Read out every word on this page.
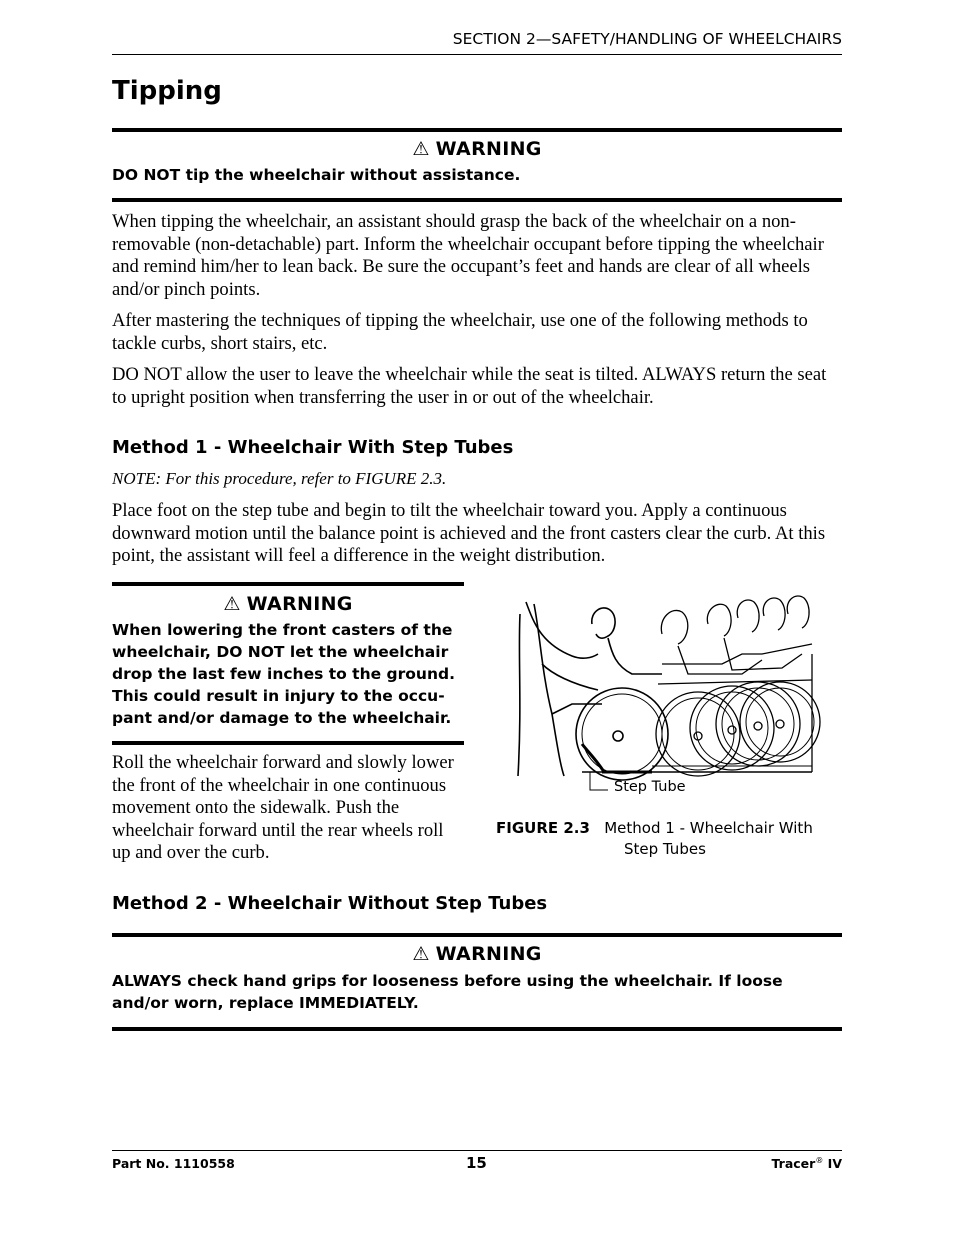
SECTION 2—SAFETY/HANDLING OF WHEELCHAIRS
Tipping
⚠ WARNING
DO NOT tip the wheelchair without assistance.
When tipping the wheelchair, an assistant should grasp the back of the wheelchair on a non-removable (non-detachable) part. Inform the wheelchair occupant before tipping the wheelchair and remind him/her to lean back. Be sure the occupant’s feet and hands are clear of all wheels and/or pinch points.
After mastering the techniques of tipping the wheelchair, use one of the following methods to tackle curbs, short stairs, etc.
DO NOT allow the user to leave the wheelchair while the seat is tilted. ALWAYS return the seat to upright position when transferring the user in or out of the wheelchair.
Method 1 - Wheelchair With Step Tubes
NOTE: For this procedure, refer to FIGURE 2.3.
Place foot on the step tube and begin to tilt the wheelchair toward you. Apply a continuous downward motion until the balance point is achieved and the front casters clear the curb. At this point, the assistant will feel a difference in the weight distribution.
⚠ WARNING
When lowering the front casters of the
wheelchair, DO NOT let the wheelchair
drop the last few inches to the ground.
This could result in injury to the occu-
pant and/or damage to the wheelchair.
Roll the wheelchair forward and slowly lower the front of the wheelchair in one continuous movement onto the sidewalk. Push the wheelchair forward until the rear wheels roll up and over the curb.
Step Tube
FIGURE 2.3 Method 1 - Wheelchair With
Step Tubes
Method 2 - Wheelchair Without Step Tubes
⚠ WARNING
ALWAYS check hand grips for looseness before using the wheelchair. If loose
and/or worn, replace IMMEDIATELY.
Part No. 1110558	15	Tracer® IV
